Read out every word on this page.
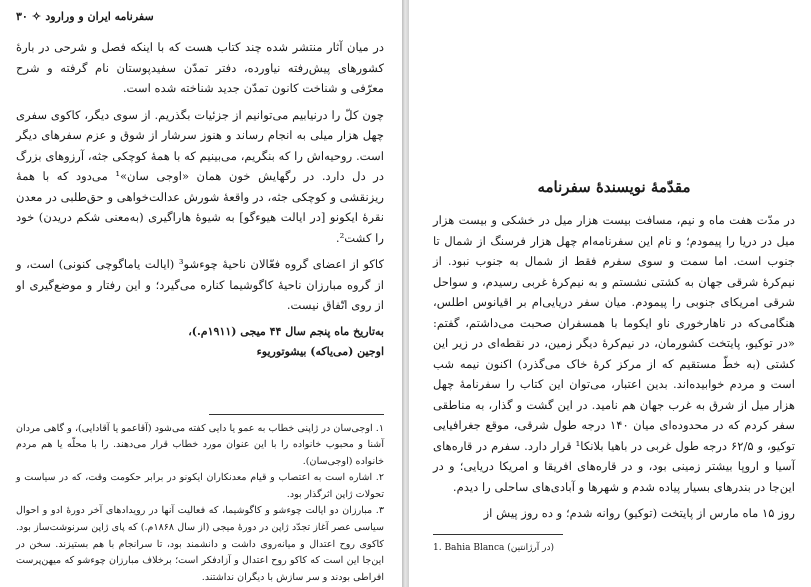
۳۰ ✧ سفرنامه ایران و ورارود

در میان آثار منتشر شده چند کتاب هست که با اینکه فصل و شرحی در بارهٔ کشورهای پیش‌رفته نیاورده، دفتر تمدّن سفیدپوستان نام گرفته و شرح معرّفی و شناخت کانون تمدّن جدید شناخته شده است.

چون کلّ را درنیابیم می‌توانیم از جزئیات بگذریم. از سوی دیگر، کاکوی سفری چهل هزار میلی به انجام رساند و هنوز سرشار از شوق و عزم سفرهای دیگر است. روحیه‌اش را که بنگریم، می‌بینیم که با همهٔ کوچکی جثه، آرزوهای بزرگ در دل دارد. در رگهایش خون همان «اوجی سان»¹ می‌دود که با همهٔ ریزنقشی و کوچکی جثه، در واقعهٔ شورش عدالت‌خواهی و حق‌طلبی در معدن نقرهٔ ایکونو [در ایالت هیوءگو] به شیوهٔ هاراگیری (به‌معنی شکم دریدن) خود را کشت².

کاکو از اعضای گروه فعّالان ناحیهٔ چوءشو³ (ایالت یاماگوچی کنونی) است، و از گروه مبارزان ناحیهٔ کاگوشیما کناره می‌گیرد؛ و این رفتار و موضع‌گیری او از روی اتّفاق نیست.

به‌تاریخ ماه پنجم سال ۴۴ میجی (۱۹۱۱م.)،
اوجین (می‌یاکه) بیشوتوریوء

۱. اوجی‌سان در ژاپنی خطاب به عمو یا دایی کفته می‌شود (آقاعمو یا آقادایی)، و گاهی مردان آشنا و محبوب خانواده را با این عنوان مورد خطاب قرار می‌دهند. را با محلّه یا هم مردم خانواده (اوجی‌سان).

۲. اشاره است به اعتصاب و قیام معدنکاران ایکونو در برابر حکومت وقت، که در سیاست و تحولات ژاپن اثرگذار بود.

۳. مبارزان دو ایالت چوءشو و کاگوشیما، که فعالیت آنها در رویدادهای آخر دورهٔ ادو و احوال سیاسی عصر آغاز تجدّد ژاپن در دورهٔ میجی (از سال ۱۸۶۸م.) که پای ژاپن سرنوشت‌ساز بود. کاکوی روح اعتدال و میانه‌روی داشت و دانشمند بود، تا سرانجام با هم بستیزند. سخن در این‌جا این است که کاکو روح اعتدال و آزادفکر است؛ برخلاف مبارزان چوءشو که میهن‌پرست افراطی بودند و سر سازش با دیگران نداشتند.

مقدّمهٔ نویسندهٔ سفرنامه

در مدّت هفت ماه و نیم، مسافت بیست هزار میل در خشکی و بیست هزار میل در دریا را پیمودم؛ و نام این سفرنامه‌ام چهل هزار فرسنگ از شمال تا جنوب است. اما سمت و سوی سفرم فقط از شمال به جنوب نبود. از نیم‌کرهٔ شرقی جهان به کشتی نشستم و به نیم‌کرهٔ غربی رسیدم، و سواحل شرقی امریکای جنوبی را پیمودم. میان سفر دریایی‌ام بر اقیانوس اطلس، هنگامی‌که در ناهارخوری ناو ایکوما با همسفران صحبت می‌داشتم، گفتم: «در توکیو، پایتخت کشورمان، در نیم‌کرهٔ دیگر زمین، در نقطه‌ای در زیر این کشتی (به خطّ مستقیم که از مرکز کرهٔ خاک می‌گذرد) اکنون نیمه شب است و مردم خوابیده‌اند. بدین اعتبار، می‌توان این کتاب را سفرنامهٔ چهل هزار میل از شرق به غرب جهان هم نامید. در این گشت و گذار، به مناطقی سفر کردم که در محدوده‌ای میان ۱۴۰ درجه طول شرقی، موقع جغرافیایی توکیو، و ۶۲/۵ درجه طول غربی در باهیا بلانکا¹ قرار دارد. سفرم در قاره‌های آسیا و اروپا بیشتر زمینی بود، و در قاره‌های افریقا و امریکا دریایی؛ و در این‌جا در بندرهای بسیار پیاده شدم و شهرها و آبادی‌های ساحلی را دیدم.

روز ۱۵ ماه مارس از پایتخت (توکیو) روانه شدم؛ و ده روز پیش از

1. Bahia Blanca (در آرژانتین)
